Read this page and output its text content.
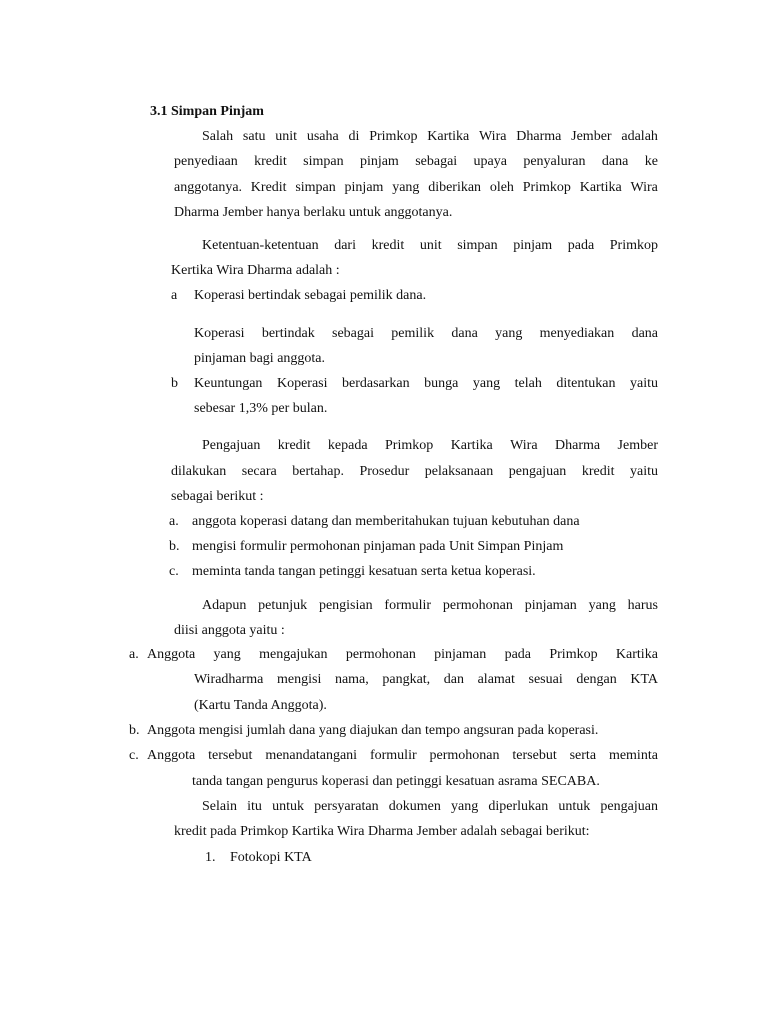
3.1 Simpan Pinjam
Salah satu unit usaha di Primkop Kartika Wira Dharma Jember adalah
penyediaan kredit simpan pinjam sebagai upaya penyaluran dana ke
anggotanya. Kredit simpan pinjam yang diberikan oleh Primkop Kartika Wira
Dharma Jember hanya berlaku untuk anggotanya.
Ketentuan-ketentuan dari kredit unit simpan pinjam pada Primkop
Kertika Wira Dharma adalah :
a Koperasi bertindak sebagai pemilik dana.
Koperasi bertindak sebagai pemilik dana yang menyediakan dana
pinjaman bagi anggota.
b Keuntungan Koperasi berdasarkan bunga yang telah ditentukan yaitu
sebesar 1,3% per bulan.
Pengajuan kredit kepada Primkop Kartika Wira Dharma Jember
dilakukan secara bertahap. Prosedur pelaksanaan pengajuan kredit yaitu
sebagai berikut :
a. anggota koperasi datang dan memberitahukan tujuan kebutuhan dana
b. mengisi formulir permohonan pinjaman pada Unit Simpan Pinjam
c. meminta tanda tangan petinggi kesatuan serta ketua koperasi.
Adapun petunjuk pengisian formulir permohonan pinjaman yang harus
diisi anggota yaitu :
a. Anggota yang mengajukan permohonan pinjaman pada Primkop Kartika
Wiradharma mengisi nama, pangkat, dan alamat sesuai dengan KTA
(Kartu Tanda Anggota).
b. Anggota mengisi jumlah dana yang diajukan dan tempo angsuran pada koperasi.
c. Anggota tersebut menandatangani formulir permohonan tersebut serta meminta
tanda tangan pengurus koperasi dan petinggi kesatuan asrama SECABA.
Selain itu untuk persyaratan dokumen yang diperlukan untuk pengajuan
kredit pada Primkop Kartika Wira Dharma Jember adalah sebagai berikut:
1. Fotokopi KTA
